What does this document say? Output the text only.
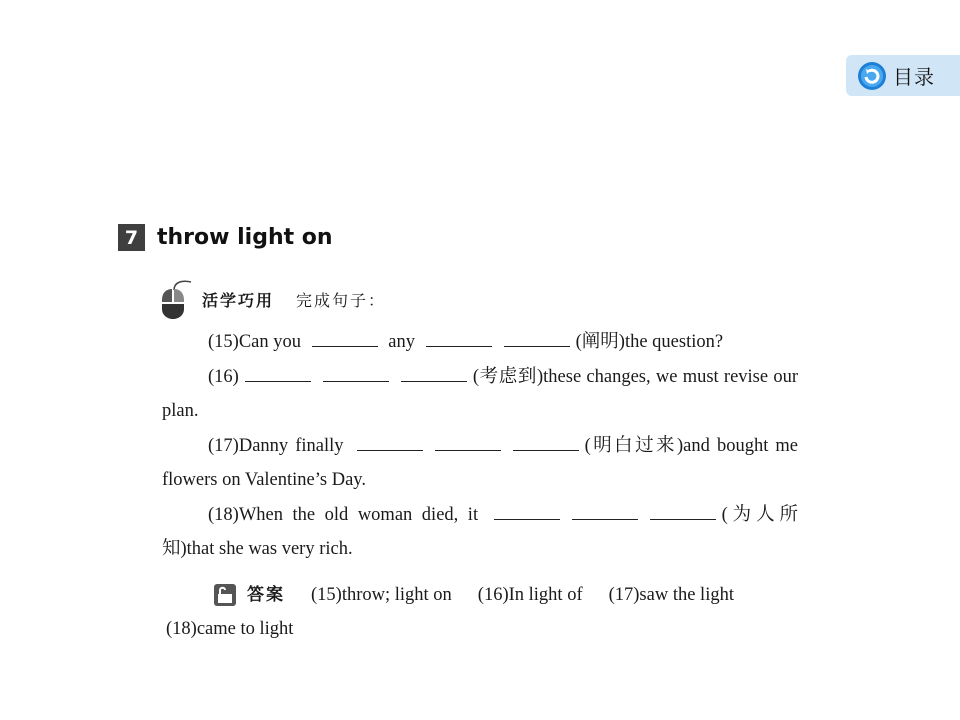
目录
7 throw light on
活学巧用 完成句子：

(15)Can you	any	(阐明)the question?

(16)	(考虑到)these changes, we must revise our plan.

(17)Danny finally	(明白过来)and bought me flowers on Valentine’s Day.

(18)When the old woman died, it	(为人所知)that she was very rich.

答案 (15)throw; light on (16)In light of (17)saw the light
(18)came to light
